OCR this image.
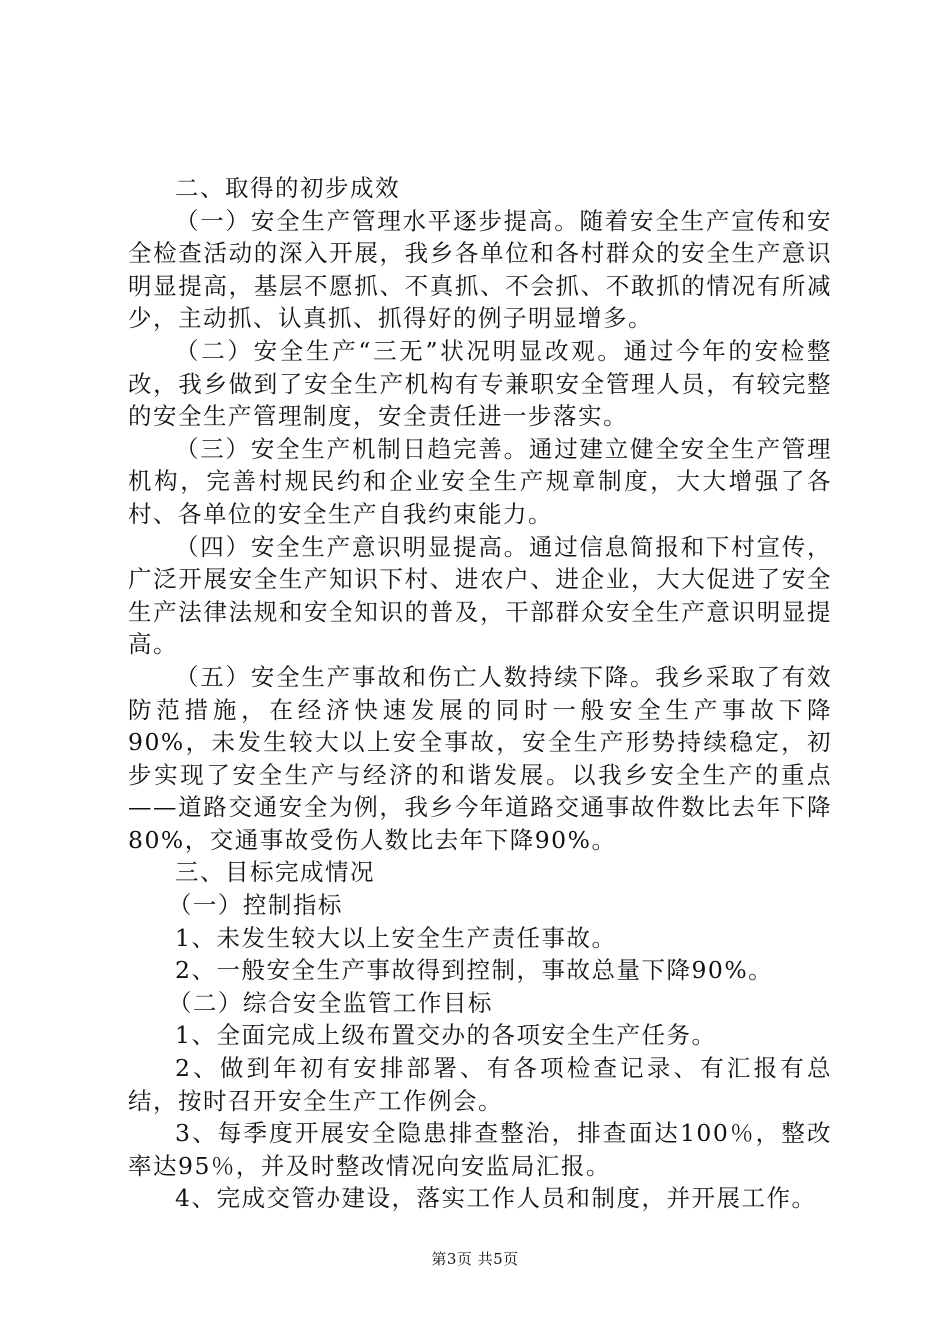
二、取得的初步成效

（一）安全生产管理水平逐步提高。随着安全生产宣传和安全检查活动的深入开展，我乡各单位和各村群众的安全生产意识明显提高，基层不愿抓、不真抓、不会抓、不敢抓的情况有所减少，主动抓、认真抓、抓得好的例子明显增多。

（二）安全生产“三无”状况明显改观。通过今年的安检整改，我乡做到了安全生产机构有专兼职安全管理人员，有较完整的安全生产管理制度，安全责任进一步落实。

（三）安全生产机制日趋完善。通过建立健全安全生产管理机构，完善村规民约和企业安全生产规章制度，大大增强了各村、各单位的安全生产自我约束能力。

（四）安全生产意识明显提高。通过信息简报和下村宣传，广泛开展安全生产知识下村、进农户、进企业，大大促进了安全生产法律法规和安全知识的普及，干部群众安全生产意识明显提高。

（五）安全生产事故和伤亡人数持续下降。我乡采取了有效防范措施，在经济快速发展的同时一般安全生产事故下降90%，未发生较大以上安全事故，安全生产形势持续稳定，初步实现了安全生产与经济的和谐发展。以我乡安全生产的重点——道路交通安全为例，我乡今年道路交通事故件数比去年下降80%，交通事故受伤人数比去年下降90%。

三、目标完成情况

（一）控制指标

1、未发生较大以上安全生产责任事故。

2、一般安全生产事故得到控制，事故总量下降90%。

（二）综合安全监管工作目标

1、全面完成上级布置交办的各项安全生产任务。

2、做到年初有安排部署、有各项检查记录、有汇报有总结，按时召开安全生产工作例会。

3、每季度开展安全隐患排查整治，排查面达100％，整改率达95％，并及时整改情况向安监局汇报。

4、完成交管办建设，落实工作人员和制度，并开展工作。

第3页 共5页
